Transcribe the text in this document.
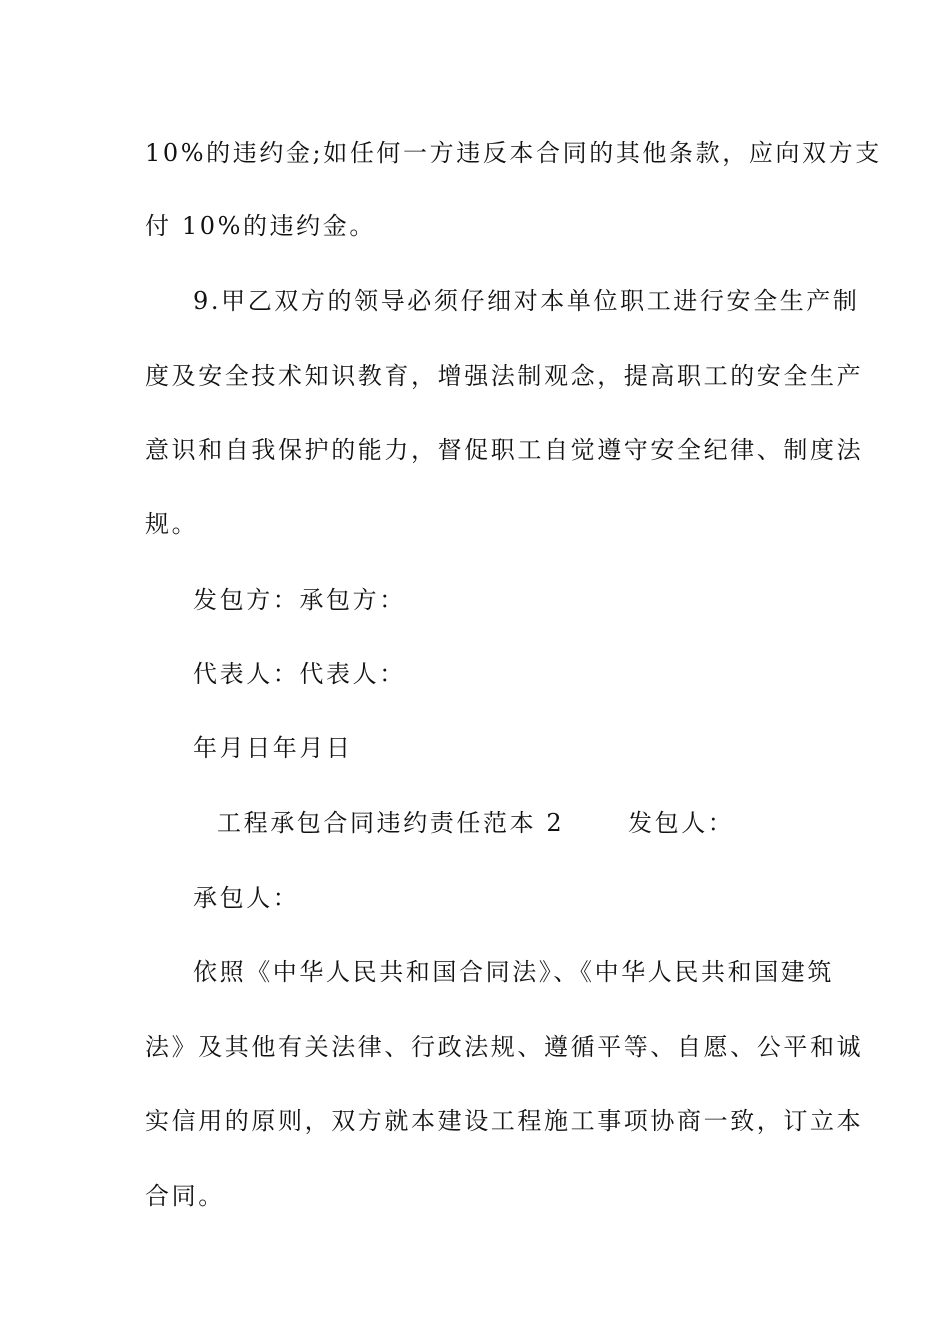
10%的违约金;如任何一方违反本合同的其他条款，应向双方支
付 10%的违约金。
9.甲乙双方的领导必须仔细对本单位职工进行安全生产制
度及安全技术知识教育，增强法制观念，提高职工的安全生产
意识和自我保护的能力，督促职工自觉遵守安全纪律、制度法
规。
发包方：承包方：
代表人：代表人：
年月日年月日
工程承包合同违约责任范本 2	发包人：
承包人：
依照《中华人民共和国合同法》、《中华人民共和国建筑
法》及其他有关法律、行政法规、遵循平等、自愿、公平和诚
实信用的原则，双方就本建设工程施工事项协商一致，订立本
合同。
